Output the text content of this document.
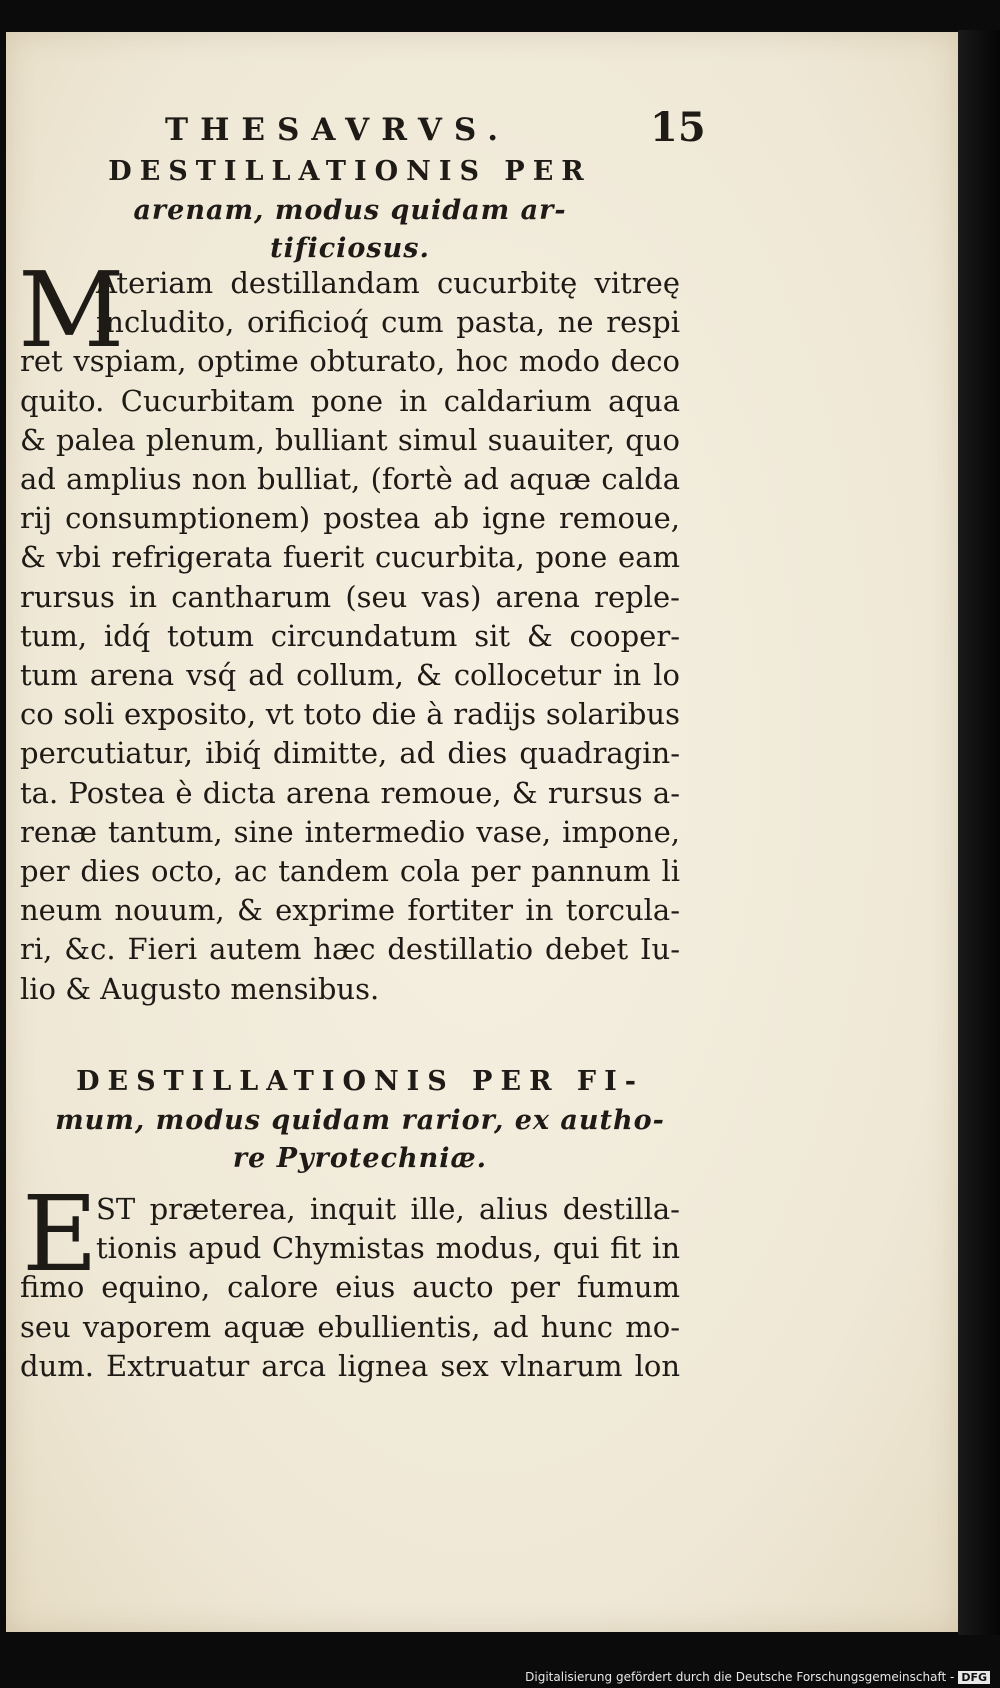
THESAVRVS.	15
DESTILLATIONIS PER
arenam, modus quidam ar-
tificiosus.
M
Ateriam destillandam cucurbitę vitreę
includito, orificioq́ cum pasta, ne respi
ret vspiam, optime obturato, hoc modo deco
quito. Cucurbitam pone in caldarium aqua
& palea plenum, bulliant simul suauiter, quo
ad amplius non bulliat, (fortè ad aquæ calda
rij consumptionem) postea ab igne remoue,
& vbi refrigerata fuerit cucurbita, pone eam
rursus in cantharum (seu vas) arena reple-
tum, idq́ totum circundatum sit & cooper-
tum arena vsq́ ad collum, & collocetur in lo
co soli exposito, vt toto die à radijs solaribus
percutiatur, ibiq́ dimitte, ad dies quadragin-
ta. Postea è dicta arena remoue, & rursus a-
renæ tantum, sine intermedio vase, impone,
per dies octo, ac tandem cola per pannum li
neum nouum, & exprime fortiter in torcula-
ri, &c. Fieri autem hæc destillatio debet Iu-
lio & Augusto mensibus.
DESTILLATIONIS PER FI-
mum, modus quidam rarior, ex autho-
re Pyrotechniæ.
E
ST præterea, inquit ille, alius destilla-
tionis apud Chymistas modus, qui fit in
fimo equino, calore eius aucto per fumum
seu vaporem aquæ ebullientis, ad hunc mo-
dum. Extruatur arca lignea sex vlnarum lon
Digitalisierung gefördert durch die Deutsche Forschungsgemeinschaft - DFG
